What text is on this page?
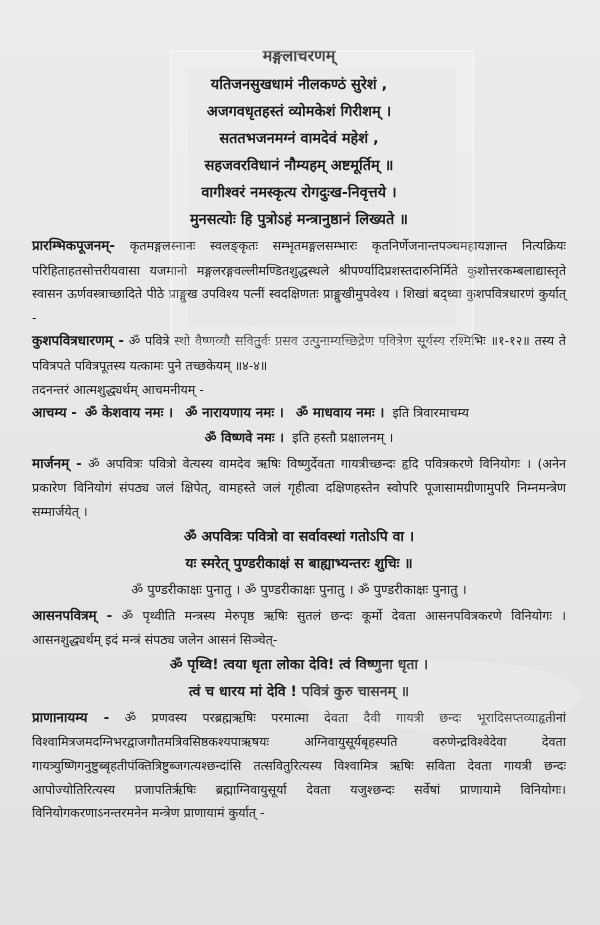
मङ्गलाचरणम्
यतिजनसुखधामं नीलकण्ठं सुरेशं ,
अजगवधृतहस्तं व्योमकेशं गिरीशम् ।
सततभजनमग्नं वामदेवं महेशं ,
सहजवरविधानं नौम्यहम् अष्टमूर्तिम् ॥
वागीश्वरं नमस्कृत्य रोगदुःख-निवृत्तये ।
मुनसत्योः हि पुत्रोऽहं मन्त्रानुष्ठानं लिख्यते ॥

प्रारम्भिकपूजनम्- कृतमङ्गलस्नानः स्वलङ्कृतः सम्भृतमङ्गलसम्भारः कृतनिर्णेजनान्तपञ्चमहायज्ञान्त नित्यक्रियः परिहिताहतसोत्तरीयवासा यजमानो मङ्गलरङ्गवल्लीमण्डितशुद्धस्थले श्रीपर्ण्यादिप्रशस्तदारुनिर्मिते कुशोत्तरकम्बलाद्यास्तृते स्वासन ऊर्णवस्त्राच्छादिते पीठे प्राङ्मुख उपविश्य पत्नीं स्वदक्षिणतः प्राङ्मुखीमुपवेश्य । शिखां बद्ध्वा कुशपवित्रधारणं कुर्यात् -

कुशपवित्रधारणम् - ॐ पवित्रे स्थो वैष्णव्यौ सवितुर्वः प्रसव उत्पुनाम्यच्छिद्रेण पवित्रेण सूर्यस्य रश्मिभिः ॥१-१२॥ तस्य ते पवित्रपते पवित्रपूतस्य यत्कामः पुने तच्छकेयम् ॥४-४॥

तदनन्तरं आत्मशुद्ध्यर्थम् आचमनीयम् -

आचम्य - ॐ केशवाय नमः । ॐ नारायणाय नमः । ॐ माधवाय नमः । इति त्रिवारमाचम्य

ॐ विष्णवे नमः । इति हस्तौ प्रक्षालनम् ।

मार्जनम् - ॐ अपवित्रः पवित्रो वेत्यस्य वामदेव ऋषिः विष्णुर्देवता गायत्रीच्छन्दः हृदि पवित्रकरणे विनियोगः । (अनेन प्रकारेण विनियोगं संपठ्य जलं क्षिपेत्, वामहस्ते जलं गृहीत्वा दक्षिणहस्तेन स्वोपरि पूजासामग्रीणामुपरि निम्नमन्त्रेण सम्मार्जयेत् ।

ॐ अपवित्रः पवित्रो वा सर्वावस्थां गतोऽपि वा ।
यः स्मरेत् पुण्डरीकाक्षं स बाह्याभ्यन्तरः शुचिः ॥
ॐ पुण्डरीकाक्षः पुनातु । ॐ पुण्डरीकाक्षः पुनातु । ॐ पुण्डरीकाक्षः पुनातु ।

आसनपवित्रम् - ॐ पृथ्वीति मन्त्रस्य मेरुपृष्ठ ऋषिः सुतलं छन्दः कूर्मो देवता आसनपवित्रकरणे विनियोगः । आसनशुद्ध्यर्थम् इदं मन्त्रं संपठ्य जलेन आसनं सिञ्चेत्-

ॐ पृथ्वि! त्वया धृता लोका देवि! त्वं विष्णुना धृता ।
त्वं च धारय मां देवि ! पवित्रं कुरु चासनम् ॥

प्राणानायम्य - ॐ प्रणवस्य परब्रह्मऋषिः परमात्मा देवता दैवी गायत्री छन्दः भूरादिसप्तव्याहृतीनां विश्वामित्रजमदग्निभरद्वाजगौतमत्रिवसिष्ठकश्यपाऋषयः अग्निवायुसूर्यबृहस्पति वरुणेन्द्रविश्वेदेवा देवता गायत्र्युष्णिगनुष्टुब्बृहतीपंक्तित्रिष्टुब्जगत्यश्छन्दांसि तत्सवितुरित्यस्य विश्वामित्र ऋषिः सविता देवता गायत्री छन्दः आपोज्योतिरित्यस्य प्रजापतिर्ऋषिः ब्रह्माग्निवायुसूर्या देवता यजुश्छन्दः सर्वेषां प्राणायामे विनियोगः। विनियोगकरणाऽनन्तरमनेन मन्त्रेण प्राणायामं कुर्यात् -
